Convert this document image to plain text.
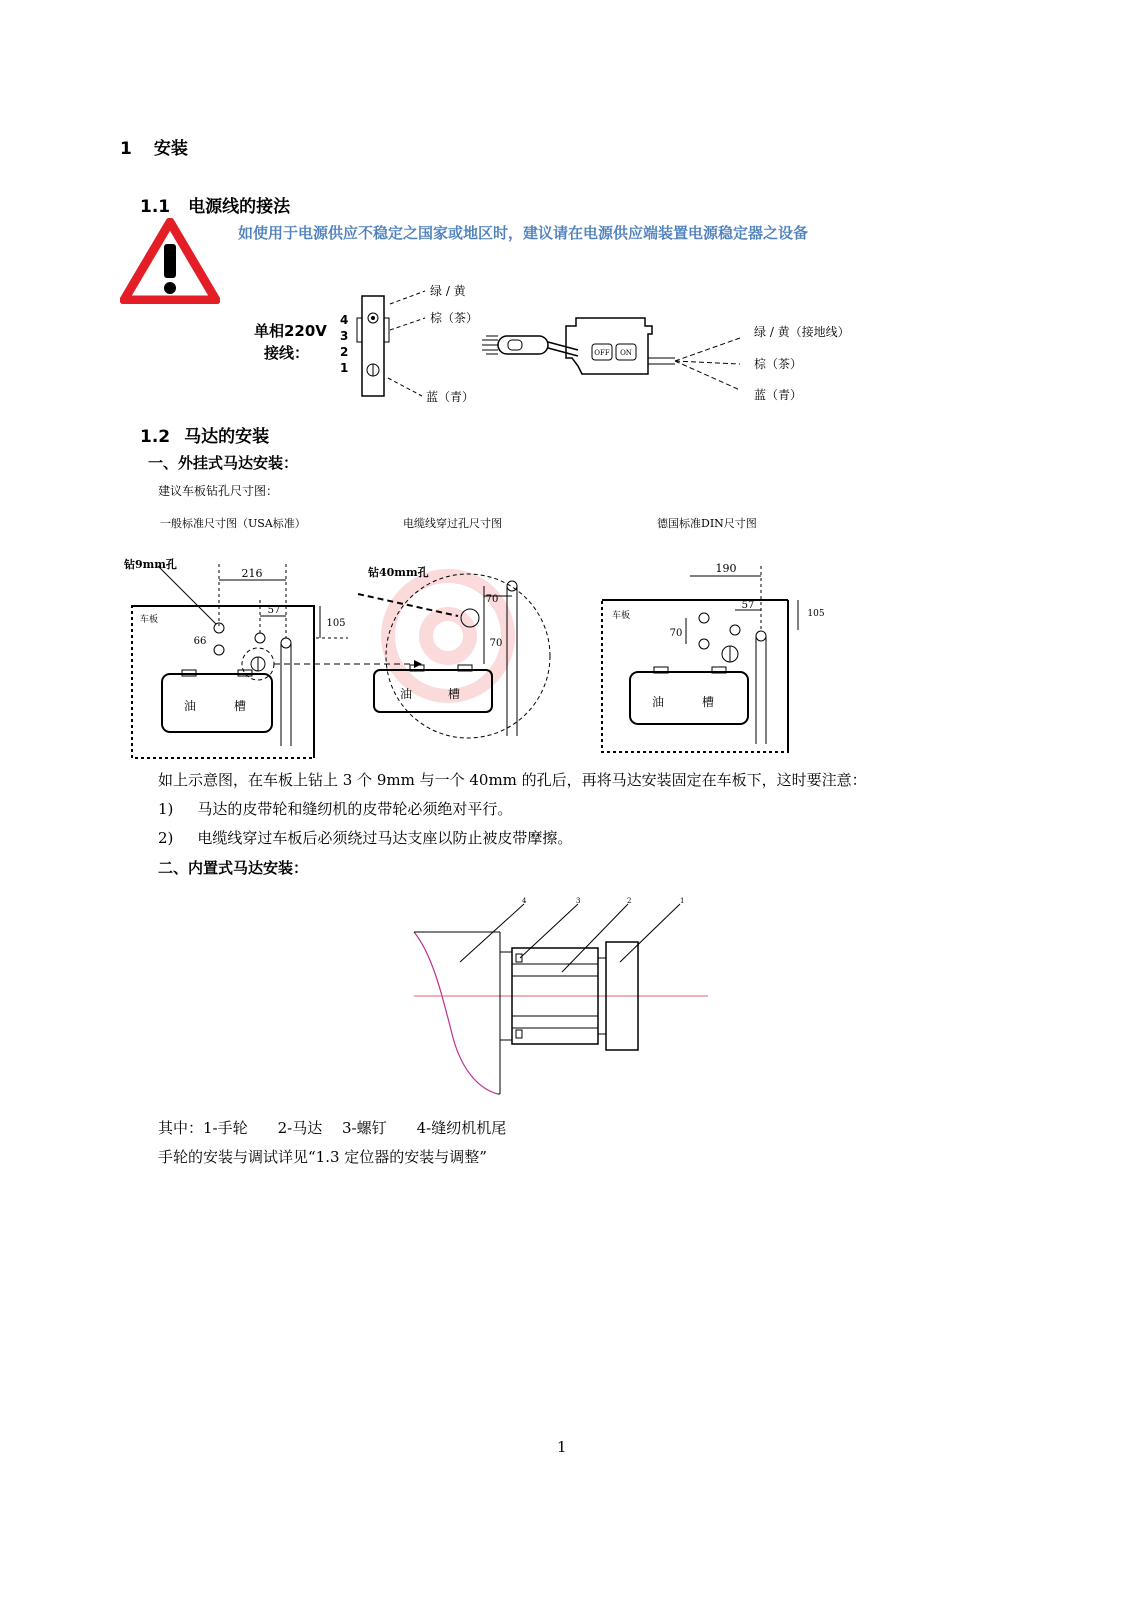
1 安装
1.1 电源线的接法
如使用于电源供应不稳定之国家或地区时，建议请在电源供应端装置电源稳定器之设备
单相220V
接线：	OFF ON
4
3
2
1
绿 / 黄
棕（茶）
蓝（青）
绿 / 黄（接地线）
棕（茶）
蓝（青）
1.2 马达的安装
一、外挂式马达安装：
建议车板钻孔尺寸图：
一般标准尺寸图（USA标准）	电缆线穿过孔尺寸图	德国标准DIN尺寸图
216
57
66
105
钻9mm孔
车板
油	槽
70
70
钻40mm孔
油	槽
190
57
70
105
车板
油	槽
如上示意图，在车板上钻上 3 个 9mm 与一个 40mm 的孔后，再将马达安装固定在车板下，这时要注意：
1) 马达的皮带轮和缝纫机的皮带轮必须绝对平行。
2) 电缆线穿过车板后必须绕过马达支座以防止被皮带摩擦。
二、内置式马达安装：
4	3	2	1
其中：1-手轮　　2-马达　 3-螺钉　　4-缝纫机机尾
手轮的安装与调试详见“1.3 定位器的安装与调整”
1
